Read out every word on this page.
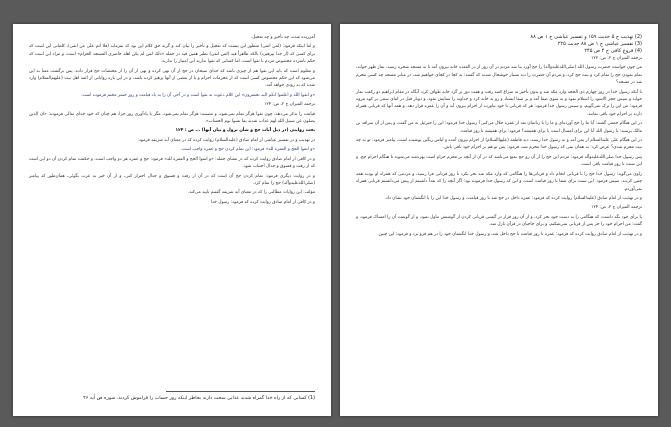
آمرزیده شده، چه تأخیر و چه تعجیل.

و اما اینکه فرمود: (لمن اتقی) منظور این نیست که تعجیل و تأخیر را بیان کند و گرنه حق کلام این بود که بفرماید (فلا اثم علی من اتقی)، کلماتی این است که برای کسی که (از خدا بپرهیزد) بالکه ظاهراً قید (لمن اتقی) نظیر همین قید در جمله «ذلک لمن لم یکن اهله حاضری المسجد الحرام» است، و مراد این است که حکم نامبرده مخصوص مردم با تقوا است، اما کسانی که تقوا ندارند این امتیاز را ندارند.

و معلوم است که باید این تقوا هم از چیزی باشد که خدای سبحان در حج از آن نهی کرده و نهی از آن را از مختصات حج قرار داده، پس برگشت معنا به این می‌شود که این حکم مخصوص کسی است که از محرمات احرام و یا از بعضی از آنها پرهیز کرده باشد، و در این باره روایاتی از ائمه اهل بیت (علیهم‌السلام) وارد شده که به زودی خواهد آمد.

«و اتقوا الله و اعلموا انکم الیه تحشرون» این کلام دعوت به تقوا است و در آخر، آن را به یاد قیامت و روز حشر مختم فرموده است.

ترجمه المیزان ج ۲، ص: ۱۲۴

قیامت را تذکر می‌دهد، چون تقوا هرگز تمام نمی‌شود، و مصیبت هرگز تمام نمی‌شود، مگر با یادآوری روز جزا، هم چنان که خود خدای تعالی فرموده: «ان الذین یضلون عن سبیل الله لهم عذاب شدید بما نسوا یوم الحساب».

بحث روایتی (در ذیل آیات حج و شأن نزول و بیان آنها) ... ص : ۱۲۴

در تهذیب و در تفسیر عیاشی از امام صادق (علیه‌السلام) روایت کرده که در معنای آیه شریفه فرمود:

«و اتموا الحج و العمرة لله» فرمود: این تمام کردن حج و عمره واجب است.

و در کافی از امام صادق روایت کرده که در معنای جمله: «و اتموا الحج و العمرة لله» فرمود: حج و عمره هر دو واجب است، و حکمت تمام کردن آن دو این است که از رفث و فسوق و جدال اجتناب شود.

و در روایت دیگری فرمود: تمام کردن حج آن است که در آن از رفث و فسوق و جدال احتراز کنی، و از آن خبر به عرب بگوئی، همان‌طور که پیامبر (صلی‌الله‌علیه‌وآله) حج را تمام کرد.

مؤلف: این روایات مطالبی را که در معنای آیه شریفه گفتیم تایید می‌کند.

و در کافی از امام صادق روایت کرده که فرمود: رسول خدا

(1) کسانی که از راه خدا گمراه شدند عذابی سخت دارند بخاطر اینکه روز حساب را فراموش کردند. سوره ص آیه ۲۶
(2) تهذیب ج ۵ حدیث ۱۵۹ و تفسیر عیاشی ج ۱ ص ۸۸
(3) تفسیر عیاشی ج ۱ ص ۸۸ حدیث ۲۲۵
(4) فروع کافی ج ۴ ص ۲۴۵

ترجمه المیزان ج ۲، ص: ۱۲۳

من چون خواست حضرت رسول الله (صلی‌الله‌علیه‌وآله) را حج آورد بنا شد مردم در آن روز از در القعده خانه بیرون آمد تا به مسجد شجره رسید، نماز ظهر خواند، تمام نمودن حج را تمام کرد و نیت حج کرد، و مردم آن حضرت را دید بسیار خوشحال شدند که گفتند: به کجا در کجای خواهیم شد، در منابر مسجد چه کسی محرم شد در مسجد؟

تا آنکه رسول خدا در روز چهارم ذی الحجه وارد مکه شد و بدون تأخیر به سراغ کعبه رفت و هفت دور بر گرد خانه طواف کرد، آنگاه در مقام ابراهیم دو رکعت نماز خواند و سپس حجر الاسود را استلام نمود و به سوی صفا آمد و بر صفا ایستاد و رو به خانه کرد و خداوند را ستایش نمود، و دوبار قبل در اثنای سعی بر کوه مروه فرمود: من این را ترک نمی‌گویم، و سپس رسول خدا فرمود: هر که قربانی با خود نیاورده از احرام بیرون آید و آن را عمره قرار دهد، و همه آنها که قربانی همراه دارند بر احرام خود باقی بمانند.

در این هنگام جمعی گفتند: آیا ما را حج آورده‌ای و ما را با زنانمان بعد از عمره حلال می‌کنی؟ رسول خدا فرمود: این را جبرئیل به من گفت، و پس از آن سراقه بن مالک پرسید: یا رسول الله آیا این برای امسال است یا برای همیشه؟ فرمود: برای همیشه تا روز قیامت.

در این هنگام علی علیه‌السلام از یمن آمد و به رسول خدا رسید، دید فاطمه (علیهاالسلام) از احرام بیرون آمده و لباس رنگین پوشیده است، پیامبر فرمود: تو به چه نیت محرم شدی؟ عرض کرد: به همان نیتی که رسول خدا محرم شد، فرمود: پس تو هم بر احرام خود باقی باش.

پس رسول خدا صلی‌الله‌علیه‌وآله فرمود: مردم این حج را از آن رو حج تمتع می‌نامند که در آن از آنچه بر محرم حرام است بهره‌مند می‌شوند تا هنگام احرام حج، و این سنت تا روز قیامت باقی است.

راوی می‌گوید: رسول خدا حج را با قربانی انجام داد و قربانی‌ها را هنگامی که وارد مکه شد نحر نکرد تا روز قربانی فرا رسید، و مردمی که همراه او بودند همه چنین کردند. سپس فرمود: این سنت برای شما تا روز قیامت است، و این که رسول خدا فرموده بود: اگر آنچه را که بعداً دانستم از پیش می‌دانستم قربانی همراه نمی‌آوردم.

و در تهذیب از امام صادق (علیه‌السلام) روایت کرده که فرمود: عمره داخل در حج شد تا روز قیامت، و رسول خدا این را با انگشتان خود نشان داد.

ترجمه المیزان ج ۲، ص: ۱۲۴

یا برای خود نگه داشت، که هنگامی را به دست خود نحر کرد، و از آن روز قرار در گیسی قربانی کردن از گوشتش تناول نمود، و از گوشت آن را امساک فرمود، و گفت: من احرام خود را جز پس از قربانی نمی‌شکنم، و برای حاجیان در قرآن نازل شد.

و در تهذیب از امام صادق روایت کرده که فرمود: عمره تا روز قیامت با حج داخل شد، و رسول خدا انگشتان خود را در هم فرو برد و فرمود: این چنین.
